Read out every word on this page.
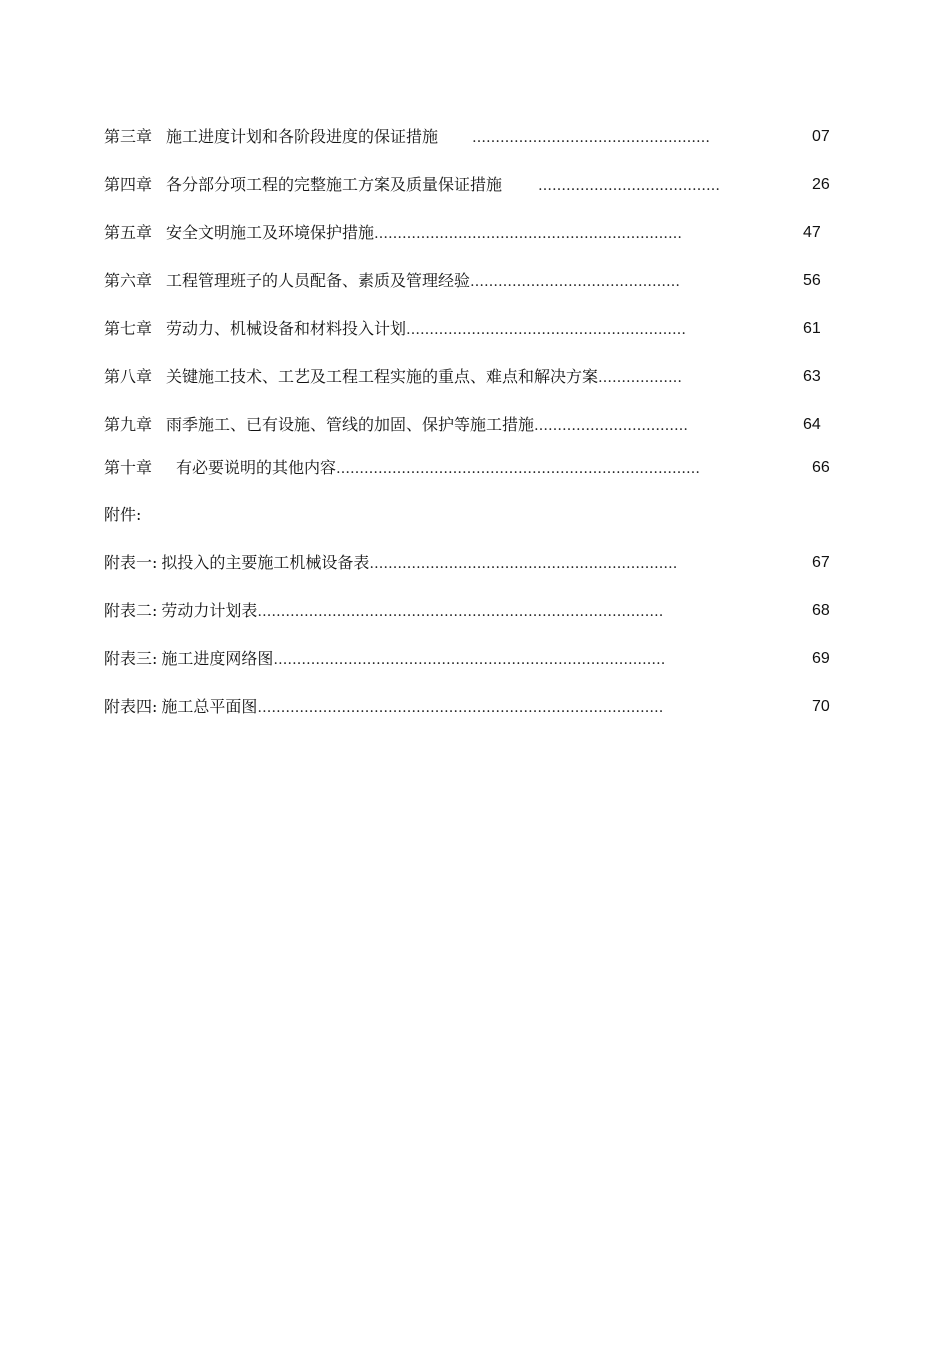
第三章 施工进度计划和各阶段进度的保证措施 ……………………………………………	07
第四章 各分部分项工程的完整施工方案及质量保证措施	…………………………………	26
第五章 安全文明施工及环境保护措施…………………………………………………………	47
第六章 工程管理班子的人员配备、素质及管理经验………………………………………	56
第七章 劳动力、机械设备和材料投入计划……………………………………………………	61
第八章 关键施工技术、工艺及工程工程实施的重点、难点和解决方案………………	63
第九章 雨季施工、已有设施、管线的加固、保护等施工措施……………………………	64
第十章 有必要说明的其他内容……………………………………………………………………	66
附件:
附表一: 拟投入的主要施工机械设备表…………………………………………………………	67
附表二: 劳动力计划表……………………………………………………………………………	68
附表三: 施工进度网络图…………………………………………………………………………	69
附表四: 施工总平面图……………………………………………………………………………	70
